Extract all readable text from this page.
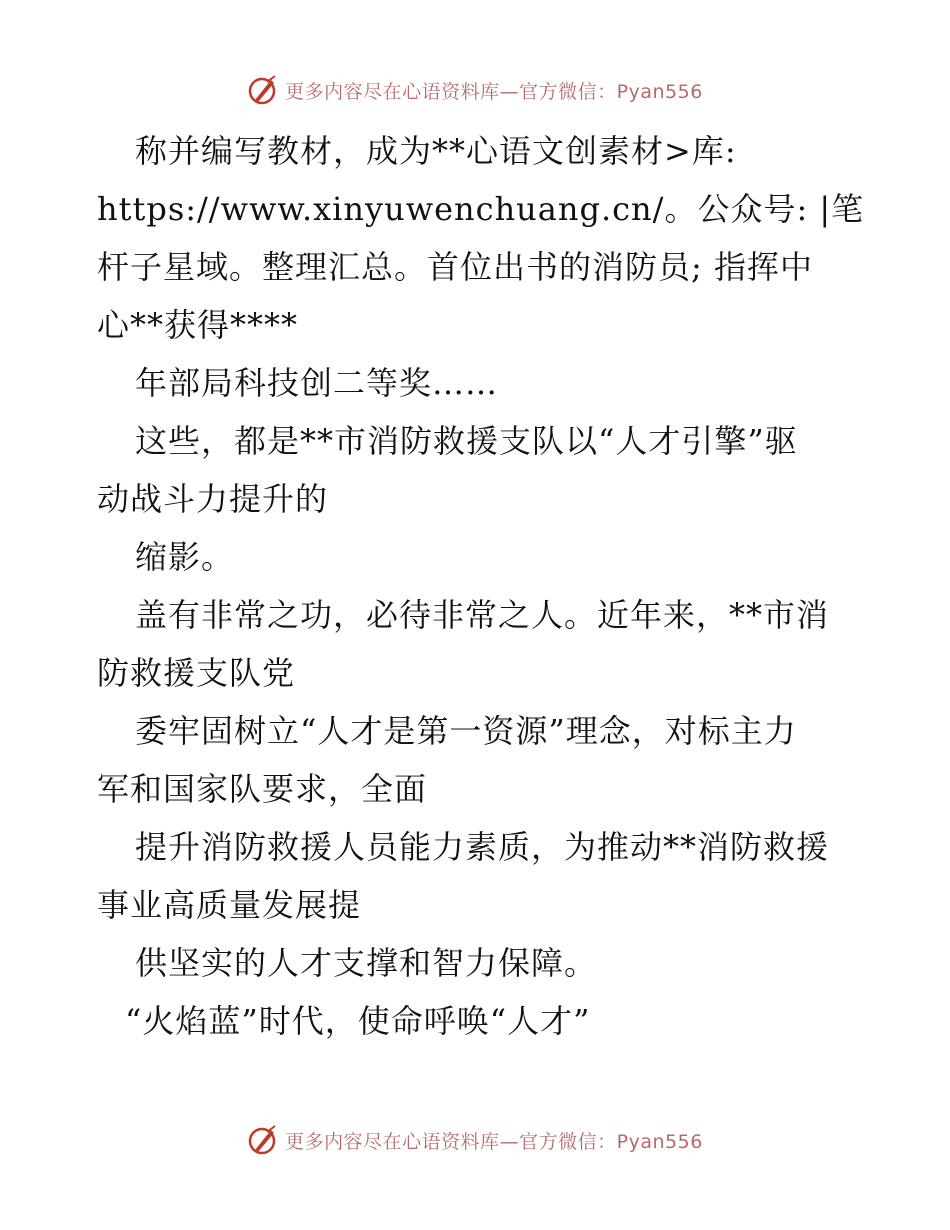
更多内容尽在心语资料库—官方微信：Pyan556
称并编写教材，成为**心语文创素材>库:
https://www.xinyuwenchuang.cn/。公众号: |笔
杆子星域。整理汇总。首位出书的消防员; 指挥中
心**获得****
年部局科技创二等奖……
这些，都是**市消防救援支队以“人才引擎”驱
动战斗力提升的
缩影。
盖有非常之功，必待非常之人。近年来，**市消
防救援支队党
委牢固树立“人才是第一资源”理念，对标主力
军和国家队要求，全面
提升消防救援人员能力素质，为推动**消防救援
事业高质量发展提
供坚实的人才支撑和智力保障。
“火焰蓝”时代，使命呼唤“人才”
更多内容尽在心语资料库—官方微信：Pyan556
